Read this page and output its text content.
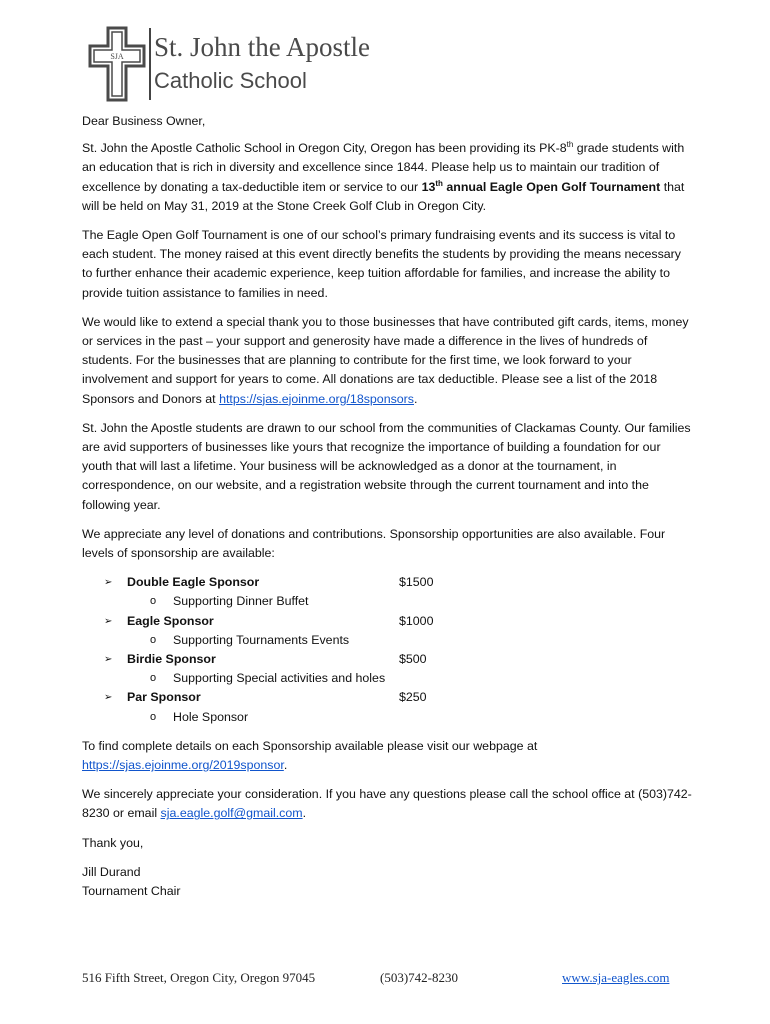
SJA St. John the Apostle
Catholic School

Dear Business Owner,

St. John the Apostle Catholic School in Oregon City, Oregon has been providing its PK-8th grade students with an education that is rich in diversity and excellence since 1844. Please help us to maintain our tradition of excellence by donating a tax-deductible item or service to our 13th annual Eagle Open Golf Tournament that will be held on May 31, 2019 at the Stone Creek Golf Club in Oregon City.

The Eagle Open Golf Tournament is one of our school’s primary fundraising events and its success is vital to each student. The money raised at this event directly benefits the students by providing the means necessary to further enhance their academic experience, keep tuition affordable for families, and increase the ability to provide tuition assistance to families in need.

We would like to extend a special thank you to those businesses that have contributed gift cards, items, money or services in the past – your support and generosity have made a difference in the lives of hundreds of students. For the businesses that are planning to contribute for the first time, we look forward to your involvement and support for years to come. All donations are tax deductible. Please see a list of the 2018 Sponsors and Donors at https://sjas.ejoinme.org/18sponsors.

St. John the Apostle students are drawn to our school from the communities of Clackamas County. Our families are avid supporters of businesses like yours that recognize the importance of building a foundation for our youth that will last a lifetime. Your business will be acknowledged as a donor at the tournament, in correspondence, on our website, and a registration website through the current tournament and into the following year.

We appreciate any level of donations and contributions. Sponsorship opportunities are also available. Four levels of sponsorship are available:

➢ Double Eagle Sponsor	$1500
o Supporting Dinner Buffet
➢ Eagle Sponsor	$1000
o Supporting Tournaments Events
➢ Birdie Sponsor	$500
o Supporting Special activities and holes
➢ Par Sponsor	$250
o Hole Sponsor

To find complete details on each Sponsorship available please visit our webpage at https://sjas.ejoinme.org/2019sponsor.

We sincerely appreciate your consideration. If you have any questions please call the school office at (503)742-8230 or email sja.eagle.golf@gmail.com.

Thank you,

Jill Durand
Tournament Chair
516 Fifth Street, Oregon City, Oregon 97045	(503)742-8230	www.sja-eagles.com
